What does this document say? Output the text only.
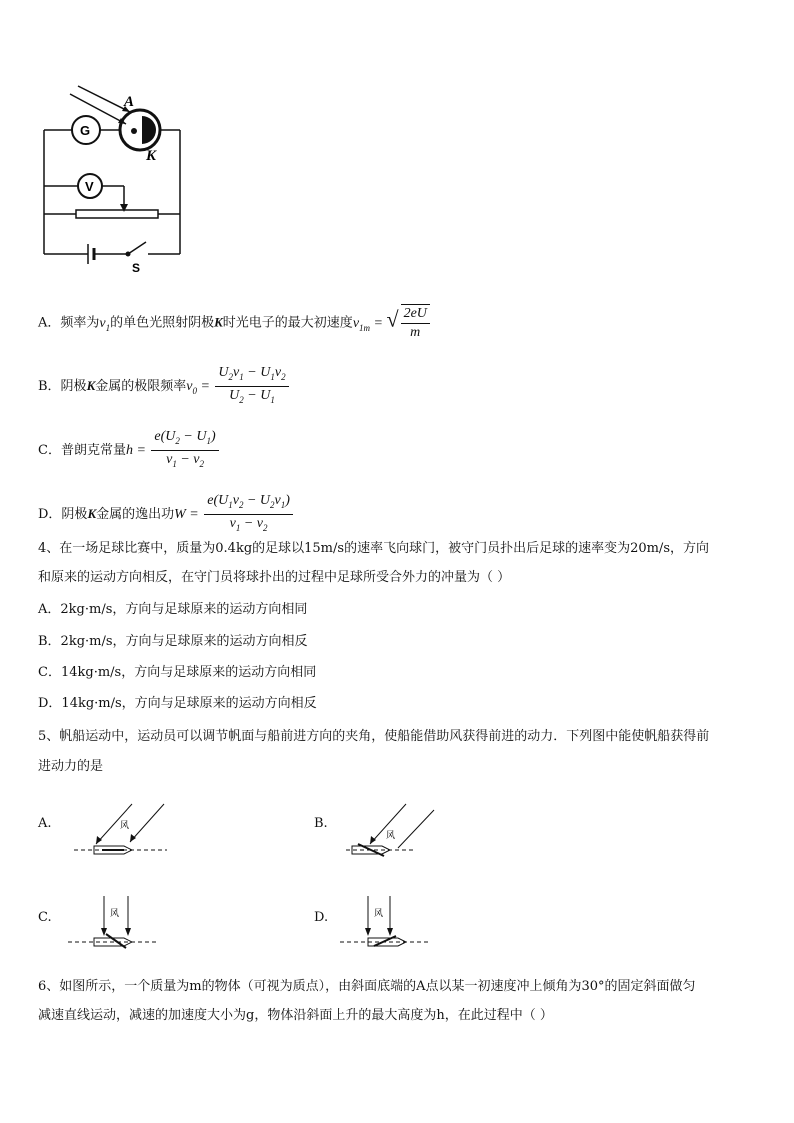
A
K
G
V
S
A．频率为$\nu_1$的单色光照射阴极K时光电子的最大初速度$\nu_{1m}$ = √ $\frac{2eU}{m}$
B．阴极K金属的极限频率$\nu_0 = \frac{U_2\nu_1 - U_1\nu_2}{U_2 - U_1}$
C．普朗克常量$h = \frac{e(U_2 - U_1)}{\nu_1 - \nu_2}$
D．阴极K金属的逸出功$W = \frac{e(U_1\nu_2 - U_2\nu_1)}{\nu_1 - \nu_2}$
4、在一场足球比赛中，质量为0.4kg的足球以15m/s的速率飞向球门，被守门员扑出后足球的速率变为20m/s，方向
和原来的运动方向相反，在守门员将球扑出的过程中足球所受合外力的冲量为（ ）
A．2kg·m/s，方向与足球原来的运动方向相同
B．2kg·m/s，方向与足球原来的运动方向相反
C．14kg·m/s，方向与足球原来的运动方向相同
D．14kg·m/s，方向与足球原来的运动方向相反
5、帆船运动中，运动员可以调节帆面与船前进方向的夹角，使船能借助风获得前进的动力．下列图中能使帆船获得前
进动力的是
A.	B.
C.	D.
风
风
风	风
6、如图所示，一个质量为m的物体（可视为质点），由斜面底端的A点以某一初速度冲上倾角为30°的固定斜面做匀
减速直线运动，减速的加速度大小为g，物体沿斜面上升的最大高度为h，在此过程中（ ）
